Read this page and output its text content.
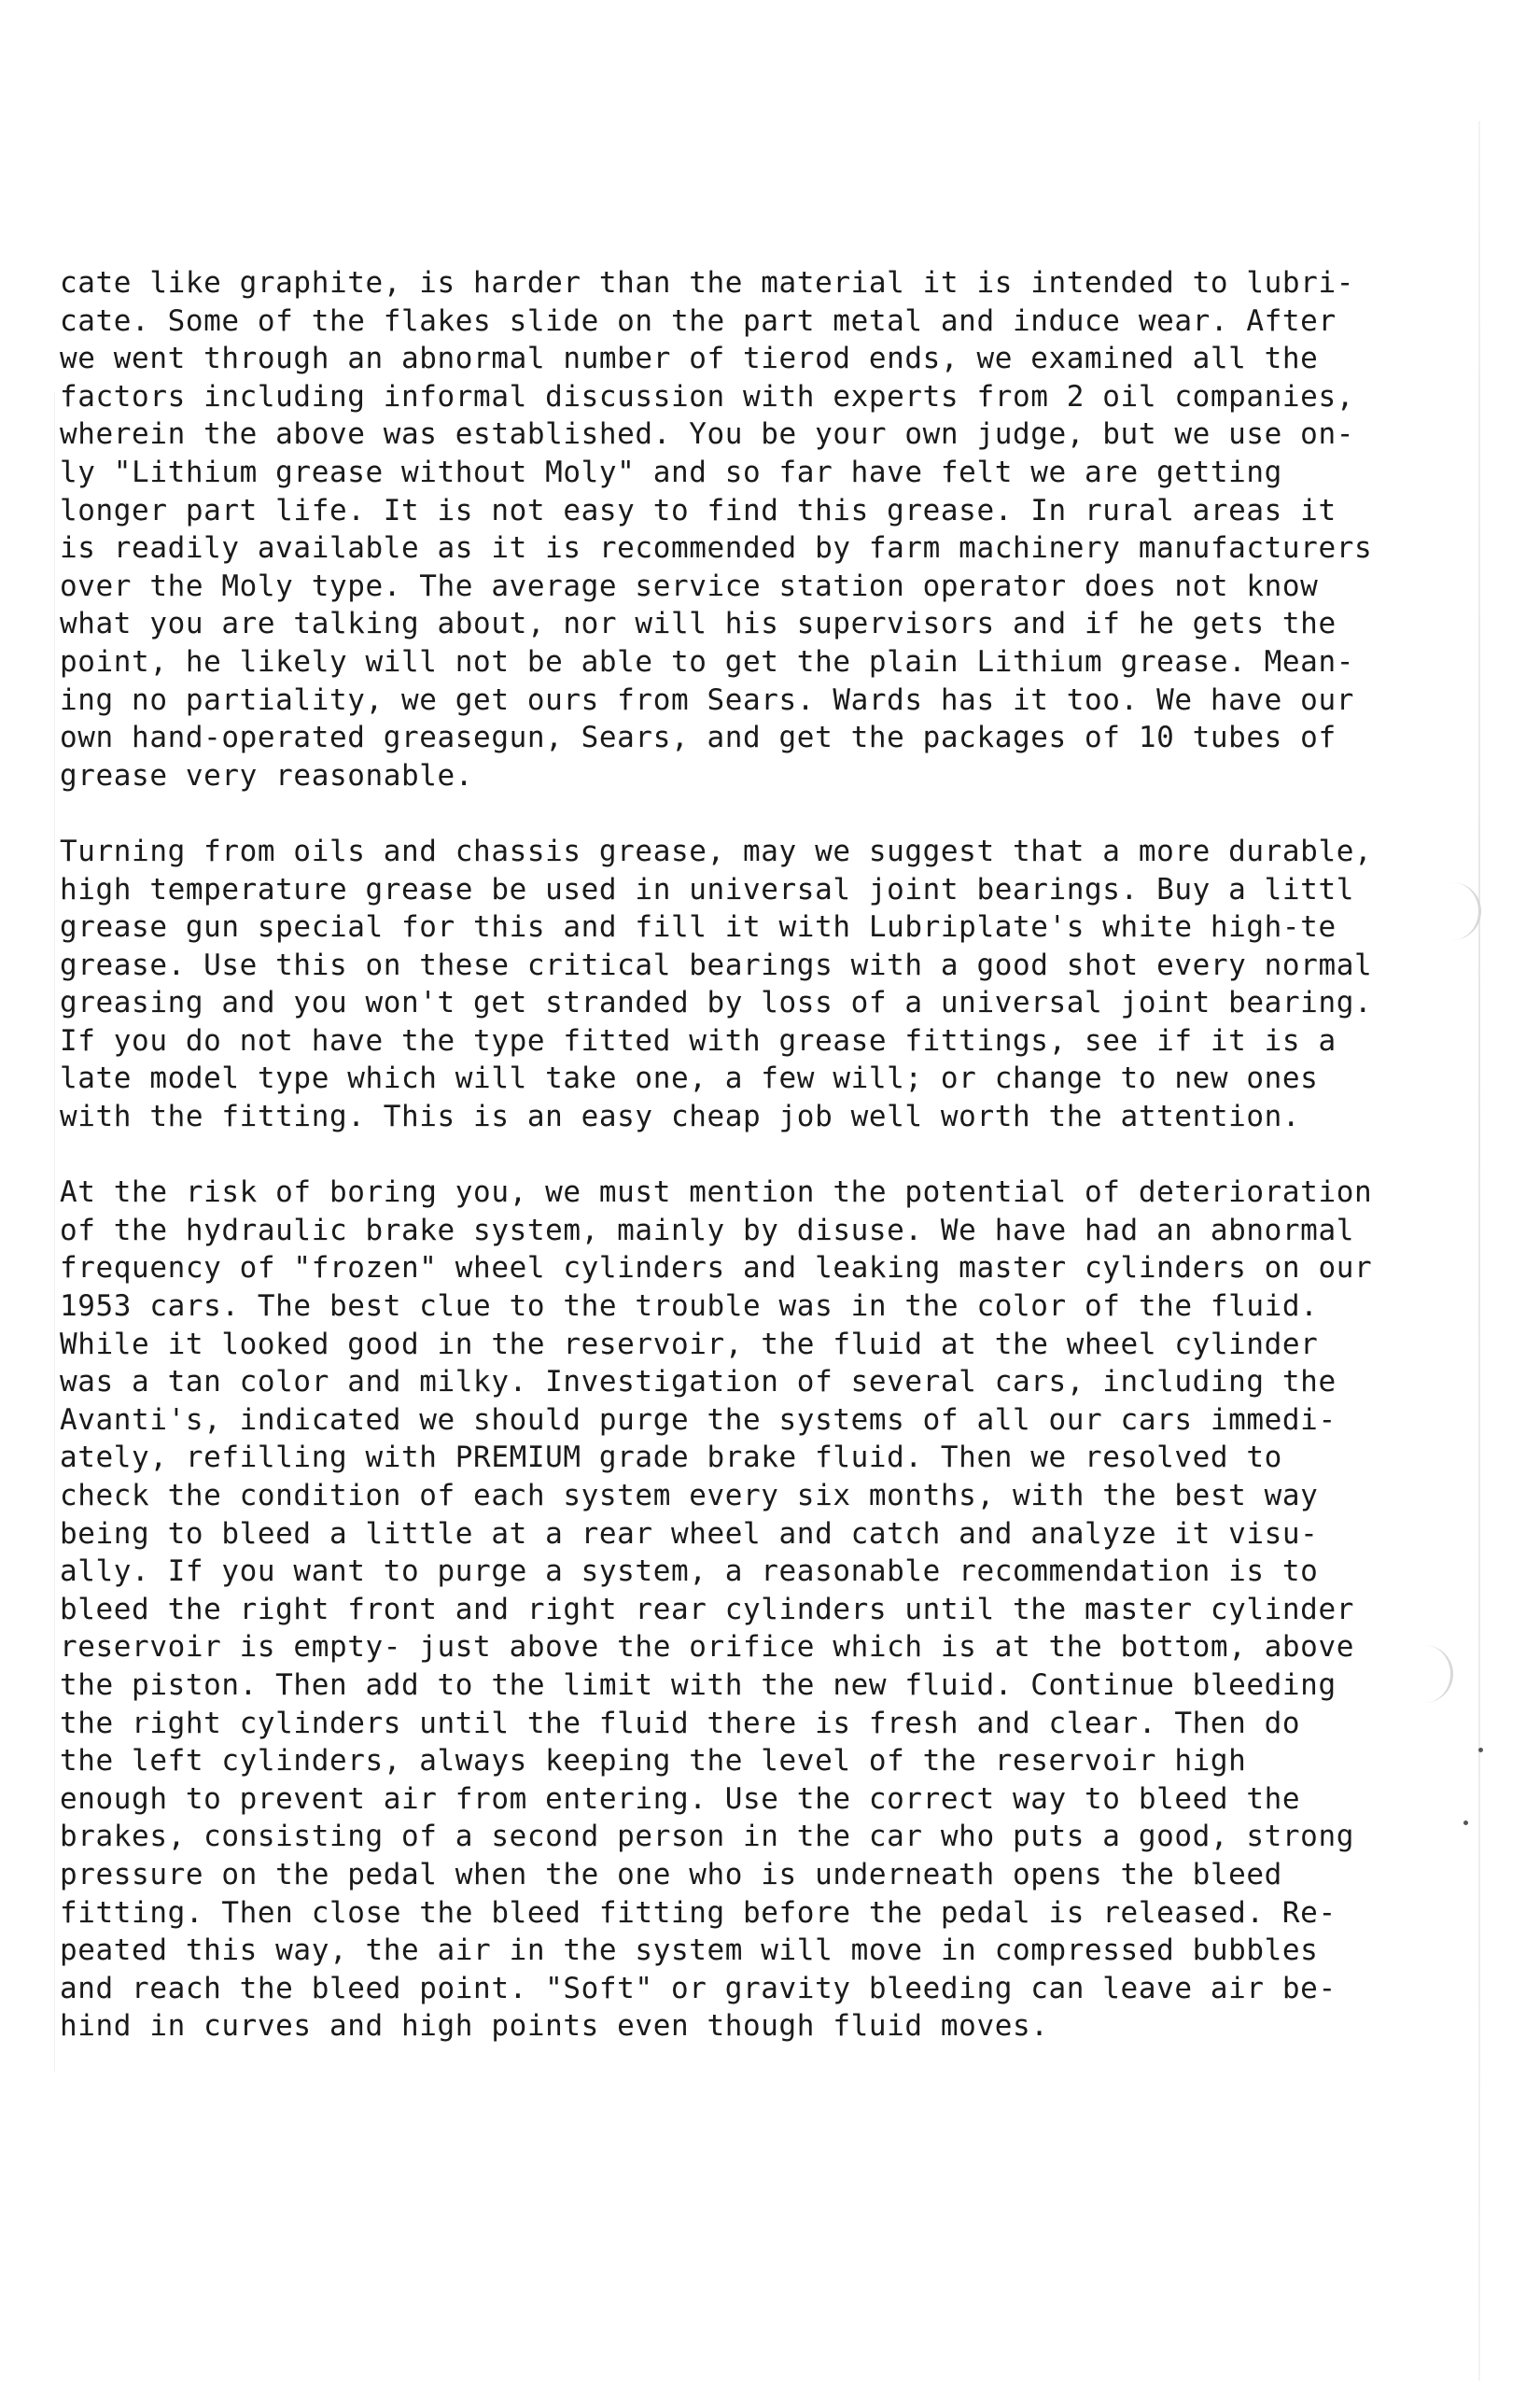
cate like graphite, is harder than the material it is intended to lubri-
cate. Some of the flakes slide on the part metal and induce wear. After
we went through an abnormal number of tierod ends, we examined all the
factors including informal discussion with experts from 2 oil companies,
wherein the above was established. You be your own judge, but we use on-
ly "Lithium grease without Moly" and so far have felt we are getting
longer part life. It is not easy to find this grease. In rural areas it
is readily available as it is recommended by farm machinery manufacturers
over the Moly type. The average service station operator does not know
what you are talking about, nor will his supervisors and if he gets the
point, he likely will not be able to get the plain Lithium grease. Mean-
ing no partiality, we get ours from Sears. Wards has it too. We have our
own hand-operated greasegun, Sears, and get the packages of 10 tubes of
grease very reasonable.
Turning from oils and chassis grease, may we suggest that a more durable,
high temperature grease be used in universal joint bearings. Buy a littl
grease gun special for this and fill it with Lubriplate's white high-te
grease. Use this on these critical bearings with a good shot every normal
greasing and you won't get stranded by loss of a universal joint bearing.
If you do not have the type fitted with grease fittings, see if it is a
late model type which will take one, a few will; or change to new ones
with the fitting. This is an easy cheap job well worth the attention.
At the risk of boring you, we must mention the potential of deterioration
of the hydraulic brake system, mainly by disuse. We have had an abnormal
frequency of "frozen" wheel cylinders and leaking master cylinders on our
1953 cars. The best clue to the trouble was in the color of the fluid.
While it looked good in the reservoir, the fluid at the wheel cylinder
was a tan color and milky. Investigation of several cars, including the
Avanti's, indicated we should purge the systems of all our cars immedi-
ately, refilling with PREMIUM grade brake fluid. Then we resolved to
check the condition of each system every six months, with the best way
being to bleed a little at a rear wheel and catch and analyze it visu-
ally. If you want to purge a system, a reasonable recommendation is to
bleed the right front and right rear cylinders until the master cylinder
reservoir is empty- just above the orifice which is at the bottom, above
the piston. Then add to the limit with the new fluid. Continue bleeding
the right cylinders until the fluid there is fresh and clear. Then do
the left cylinders, always keeping the level of the reservoir high
enough to prevent air from entering. Use the correct way to bleed the
brakes, consisting of a second person in the car who puts a good, strong
pressure on the pedal when the one who is underneath opens the bleed
fitting. Then close the bleed fitting before the pedal is released. Re-
peated this way, the air in the system will move in compressed bubbles
and reach the bleed point. "Soft" or gravity bleeding can leave air be-
hind in curves and high points even though fluid moves.
